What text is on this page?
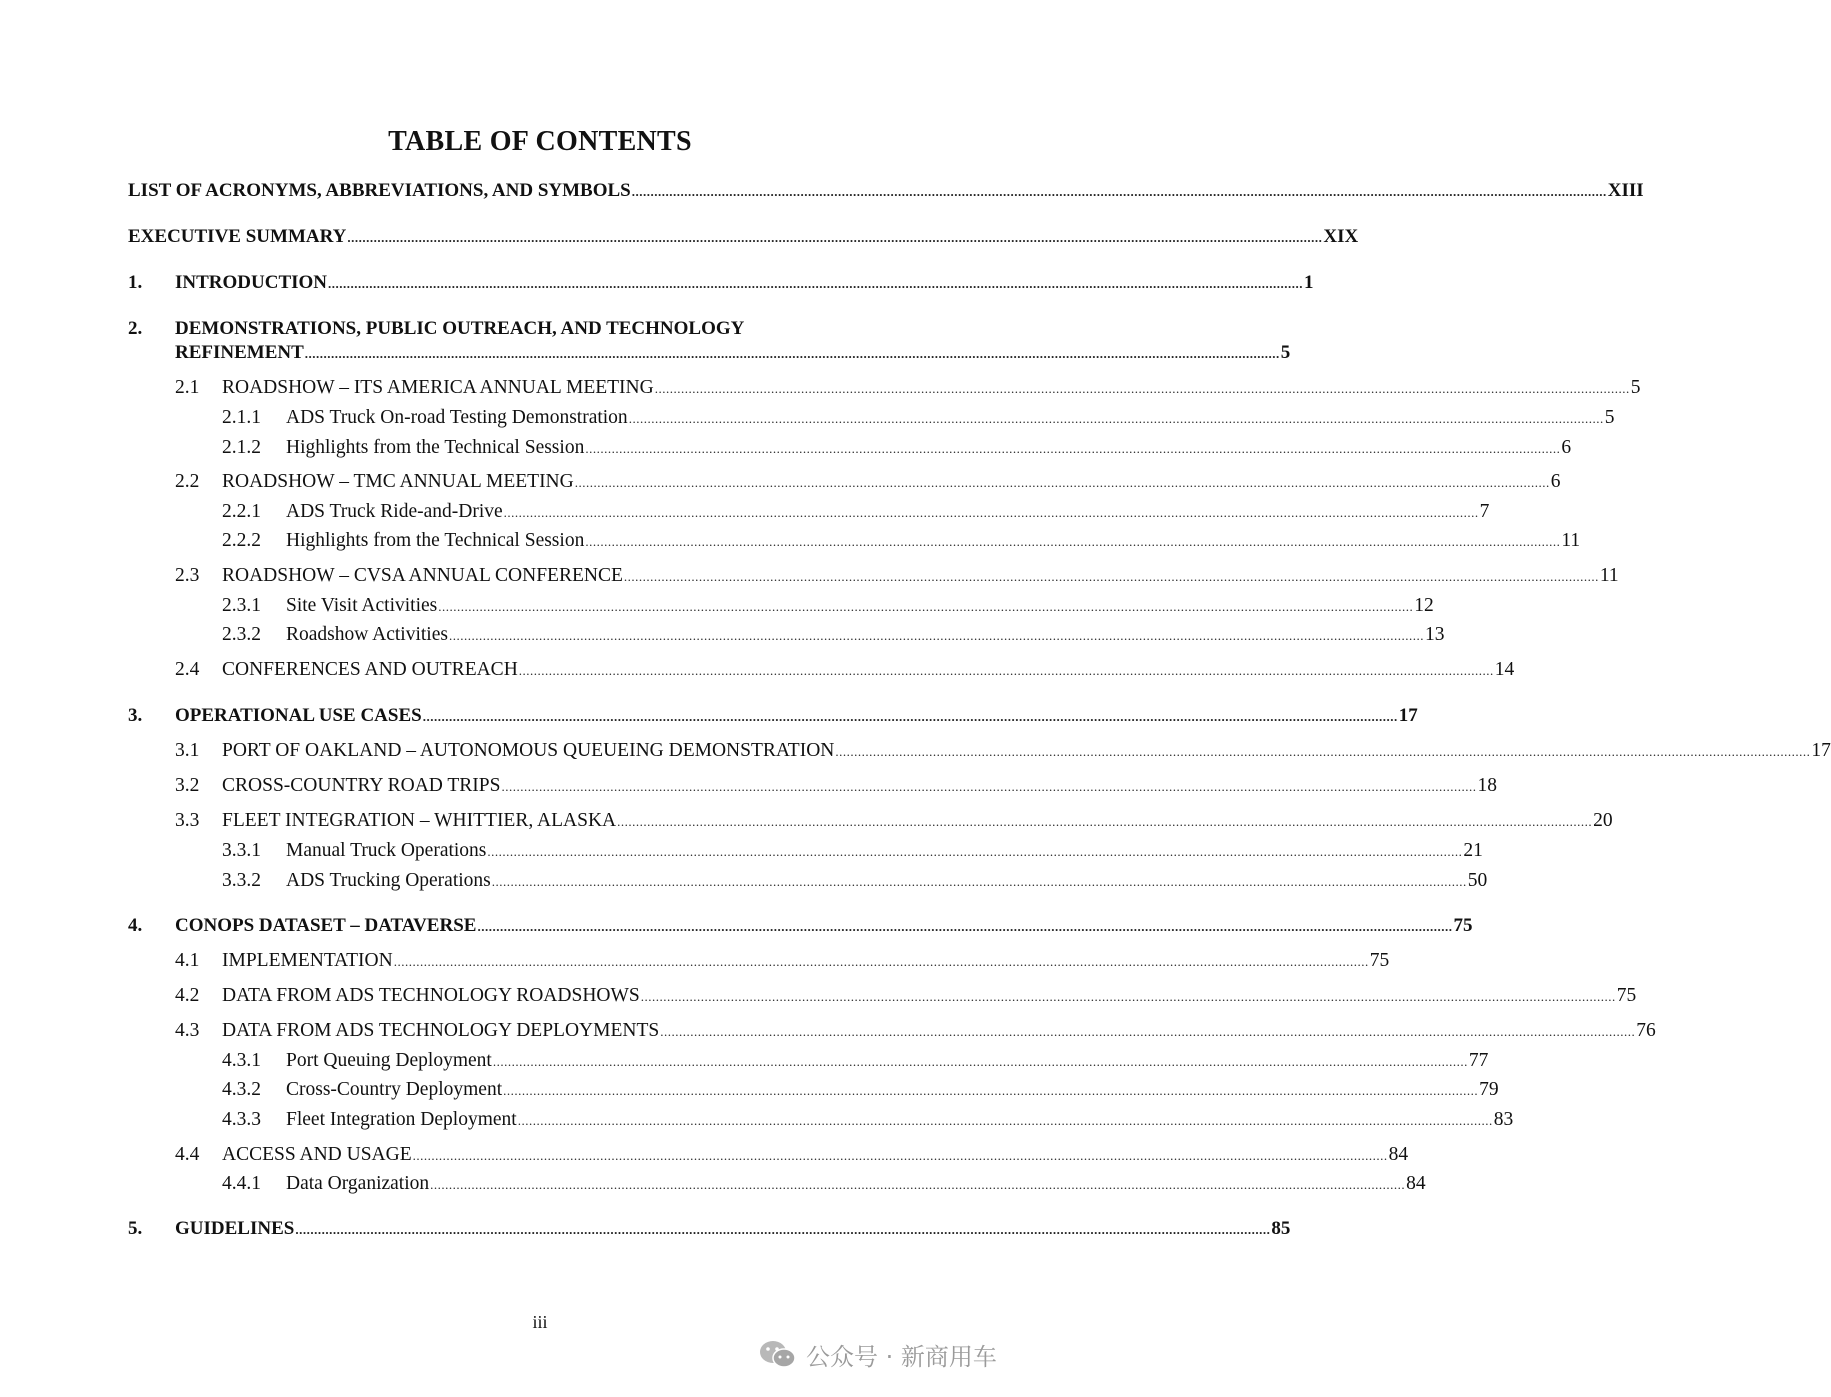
TABLE OF CONTENTS
LIST OF ACRONYMS, ABBREVIATIONS, AND SYMBOLS .................................................................................................................................................................................................................................................................... XIII
EXECUTIVE SUMMARY .................................................................................................................................................................................................................................................................... XIX
1.	INTRODUCTION .................................................................................................................................................................................................................................................................... 1
2. DEMONSTRATIONS, PUBLIC OUTREACH, AND TECHNOLOGY
REFINEMENT .................................................................................................................................................................................................................................................................... 5
2.1	ROADSHOW – ITS AMERICA ANNUAL MEETING .................................................................................................................................................................................................................................................................... 5
2.1.1	ADS Truck On-road Testing Demonstration .................................................................................................................................................................................................................................................................... 5
2.1.2	Highlights from the Technical Session .................................................................................................................................................................................................................................................................... 6
2.2	ROADSHOW – TMC ANNUAL MEETING .................................................................................................................................................................................................................................................................... 6
2.2.1	ADS Truck Ride-and-Drive .................................................................................................................................................................................................................................................................... 7
2.2.2	Highlights from the Technical Session .................................................................................................................................................................................................................................................................... 11
2.3	ROADSHOW – CVSA ANNUAL CONFERENCE .................................................................................................................................................................................................................................................................... 11
2.3.1	Site Visit Activities .................................................................................................................................................................................................................................................................... 12
2.3.2	Roadshow Activities .................................................................................................................................................................................................................................................................... 13
2.4	CONFERENCES AND OUTREACH .................................................................................................................................................................................................................................................................... 14
3.	OPERATIONAL USE CASES .................................................................................................................................................................................................................................................................... 17
3.1	PORT OF OAKLAND – AUTONOMOUS QUEUEING DEMONSTRATION .................................................................................................................................................................................................................................................................... 17
3.2	CROSS-COUNTRY ROAD TRIPS .................................................................................................................................................................................................................................................................... 18
3.3	FLEET INTEGRATION – WHITTIER, ALASKA .................................................................................................................................................................................................................................................................... 20
3.3.1	Manual Truck Operations .................................................................................................................................................................................................................................................................... 21
3.3.2	ADS Trucking Operations .................................................................................................................................................................................................................................................................... 50
4.	CONOPS DATASET – DATAVERSE .................................................................................................................................................................................................................................................................... 75
4.1	IMPLEMENTATION .................................................................................................................................................................................................................................................................... 75
4.2	DATA FROM ADS TECHNOLOGY ROADSHOWS .................................................................................................................................................................................................................................................................... 75
4.3	DATA FROM ADS TECHNOLOGY DEPLOYMENTS .................................................................................................................................................................................................................................................................... 76
4.3.1	Port Queuing Deployment .................................................................................................................................................................................................................................................................... 77
4.3.2	Cross-Country Deployment .................................................................................................................................................................................................................................................................... 79
4.3.3	Fleet Integration Deployment .................................................................................................................................................................................................................................................................... 83
4.4	ACCESS AND USAGE .................................................................................................................................................................................................................................................................... 84
4.4.1	Data Organization .................................................................................................................................................................................................................................................................... 84
5.	GUIDELINES .................................................................................................................................................................................................................................................................... 85
iii
公众号 · 新商用车
